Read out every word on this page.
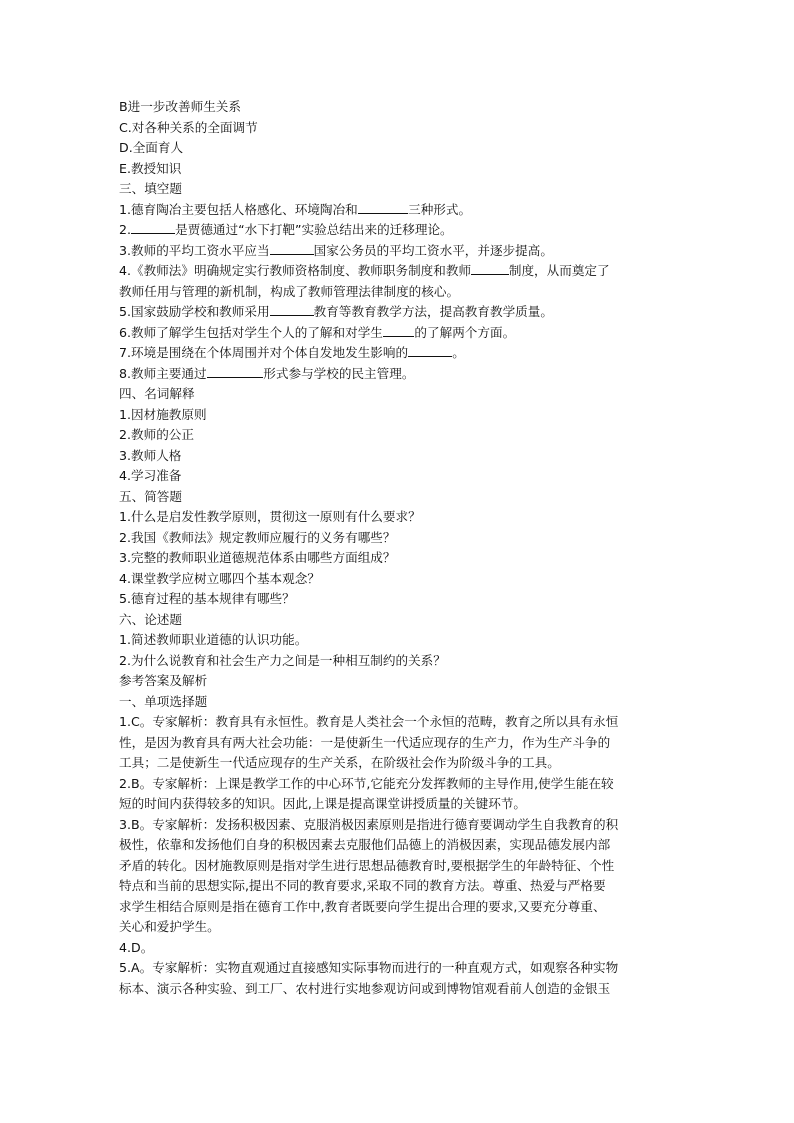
B进一步改善师生关系
C.对各种关系的全面调节
D.全面育人
E.教授知识
三、填空题
1.德育陶冶主要包括人格感化、环境陶冶和	三种形式。
2.	是贾德通过“水下打靶”实验总结出来的迁移理论。
3.教师的平均工资水平应当	国家公务员的平均工资水平，并逐步提高。
4.《教师法》明确规定实行教师资格制度、教师职务制度和教师	制度，从而奠定了
教师任用与管理的新机制，构成了教师管理法律制度的核心。
5.国家鼓励学校和教师采用	教育等教育教学方法，提高教育教学质量。
6.教师了解学生包括对学生个人的了解和对学生	的了解两个方面。
7.环境是围绕在个体周围并对个体自发地发生影响的	。
8.教师主要通过	形式参与学校的民主管理。
四、名词解释
1.因材施教原则
2.教师的公正
3.教师人格
4.学习准备
五、简答题
1.什么是启发性教学原则，贯彻这一原则有什么要求？
2.我国《教师法》规定教师应履行的义务有哪些？
3.完整的教师职业道德规范体系由哪些方面组成？
4.课堂教学应树立哪四个基本观念？
5.德育过程的基本规律有哪些？
六、论述题
1.简述教师职业道德的认识功能。
2.为什么说教育和社会生产力之间是一种相互制约的关系？
参考答案及解析
一、单项选择题
1.C。专家解析：教育具有永恒性。教育是人类社会一个永恒的范畴，教育之所以具有永恒
性，是因为教育具有两大社会功能：一是使新生一代适应现存的生产力，作为生产斗争的
工具；二是使新生一代适应现存的生产关系，在阶级社会作为阶级斗争的工具。
2.B。专家解析：上课是教学工作的中心环节,它能充分发挥教师的主导作用,使学生能在较
短的时间内获得较多的知识。因此,上课是提高课堂讲授质量的关键环节。
3.B。专家解析：发扬积极因素、克服消极因素原则是指进行德育要调动学生自我教育的积
极性，依靠和发扬他们自身的积极因素去克服他们品德上的消极因素，实现品德发展内部
矛盾的转化。因材施教原则是指对学生进行思想品德教育时,要根据学生的年龄特征、个性
特点和当前的思想实际,提出不同的教育要求,采取不同的教育方法。尊重、热爱与严格要
求学生相结合原则是指在德育工作中,教育者既要向学生提出合理的要求,又要充分尊重、
关心和爱护学生。
4.D。
5.A。专家解析：实物直观通过直接感知实际事物而进行的一种直观方式，如观察各种实物
标本、演示各种实验、到工厂、农村进行实地参观访问或到博物馆观看前人创造的金银玉
